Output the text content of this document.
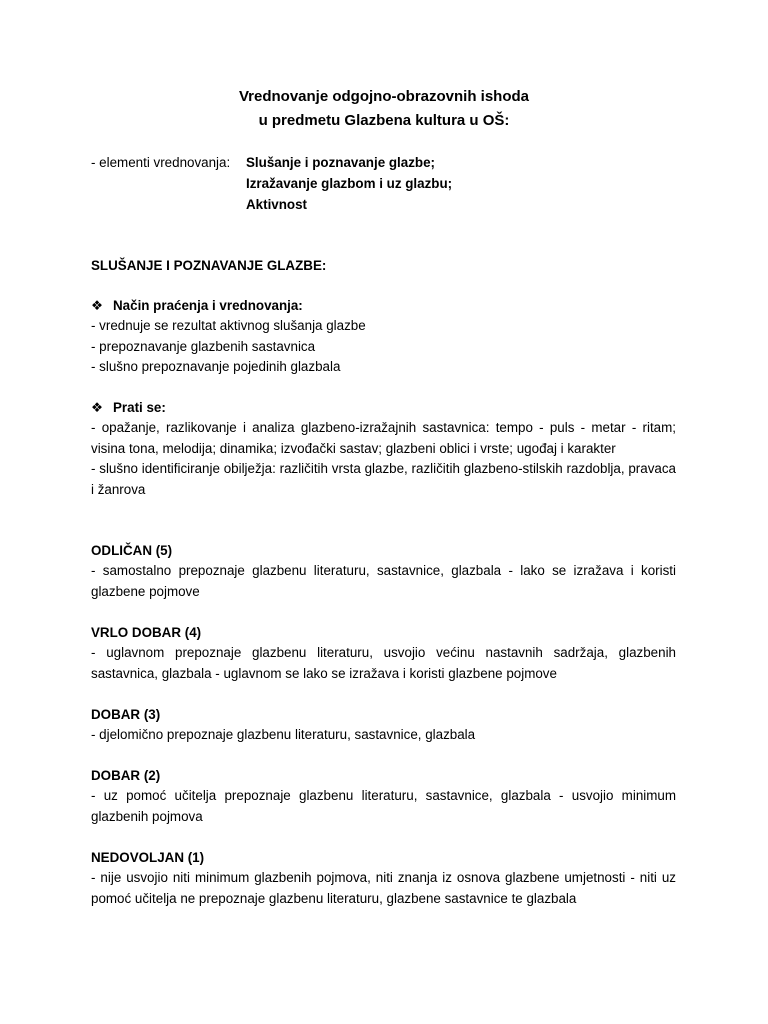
Vrednovanje odgojno-obrazovnih ishoda
u predmetu Glazbena kultura u OŠ:
- elementi vrednovanja: Slušanje i poznavanje glazbe;
Izražavanje glazbom i uz glazbu;
Aktivnost
SLUŠANJE I POZNAVANJE GLAZBE:
❖ Način praćenja i vrednovanja:
- vrednuje se rezultat aktivnog slušanja glazbe
- prepoznavanje glazbenih sastavnica
- slušno prepoznavanje pojedinih glazbala
❖ Prati se:
- opažanje, razlikovanje i analiza glazbeno-izražajnih sastavnica: tempo - puls - metar - ritam; visina tona, melodija; dinamika; izvođački sastav; glazbeni oblici i vrste; ugođaj i karakter
- slušno identificiranje obilježja: različitih vrsta glazbe, različitih glazbeno-stilskih razdoblja, pravaca i žanrova
ODLIČAN (5)
- samostalno prepoznaje glazbenu literaturu, sastavnice, glazbala - lako se izražava i koristi glazbene pojmove
VRLO DOBAR (4)
- uglavnom prepoznaje glazbenu literaturu, usvojio većinu nastavnih sadržaja, glazbenih sastavnica, glazbala - uglavnom se lako se izražava i koristi glazbene pojmove
DOBAR (3)
- djelomično prepoznaje glazbenu literaturu, sastavnice, glazbala
DOBAR (2)
- uz pomoć učitelja prepoznaje glazbenu literaturu, sastavnice, glazbala - usvojio minimum glazbenih pojmova
NEDOVOLJAN (1)
- nije usvojio niti minimum glazbenih pojmova, niti znanja iz osnova glazbene umjetnosti - niti uz pomoć učitelja ne prepoznaje glazbenu literaturu, glazbene sastavnice te glazbala
